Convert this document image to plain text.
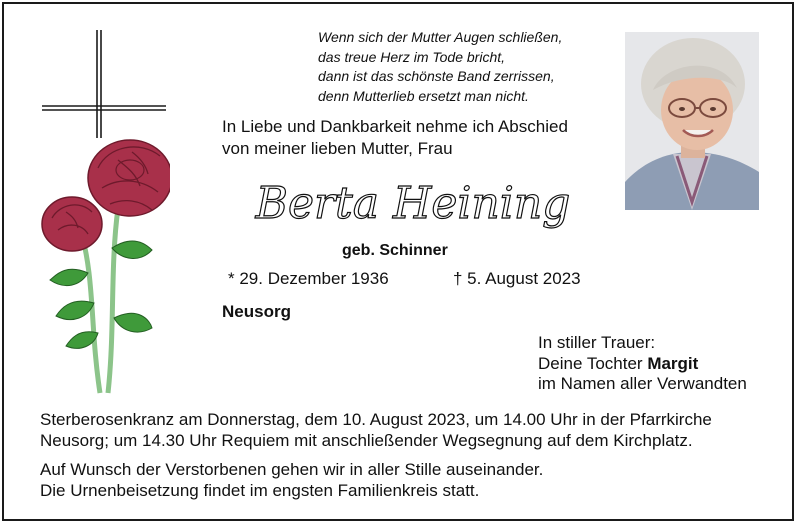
Wenn sich der Mutter Augen schließen,
das treue Herz im Tode bricht,
dann ist das schönste Band zerrissen,
denn Mutterlieb ersetzt man nicht.
In Liebe und Dankbarkeit nehme ich Abschied
von meiner lieben Mutter, Frau
Berta Heining
geb. Schinner
* 29. Dezember 1936	† 5. August 2023
Neusorg
In stiller Trauer:
Deine Tochter Margit
im Namen aller Verwandten
Sterberosenkranz am Donnerstag, dem 10. August 2023, um 14.00 Uhr in der Pfarrkirche
Neusorg; um 14.30 Uhr Requiem mit anschließender Wegsegnung auf dem Kirchplatz.
Auf Wunsch der Verstorbenen gehen wir in aller Stille auseinander.
Die Urnenbeisetzung findet im engsten Familienkreis statt.
